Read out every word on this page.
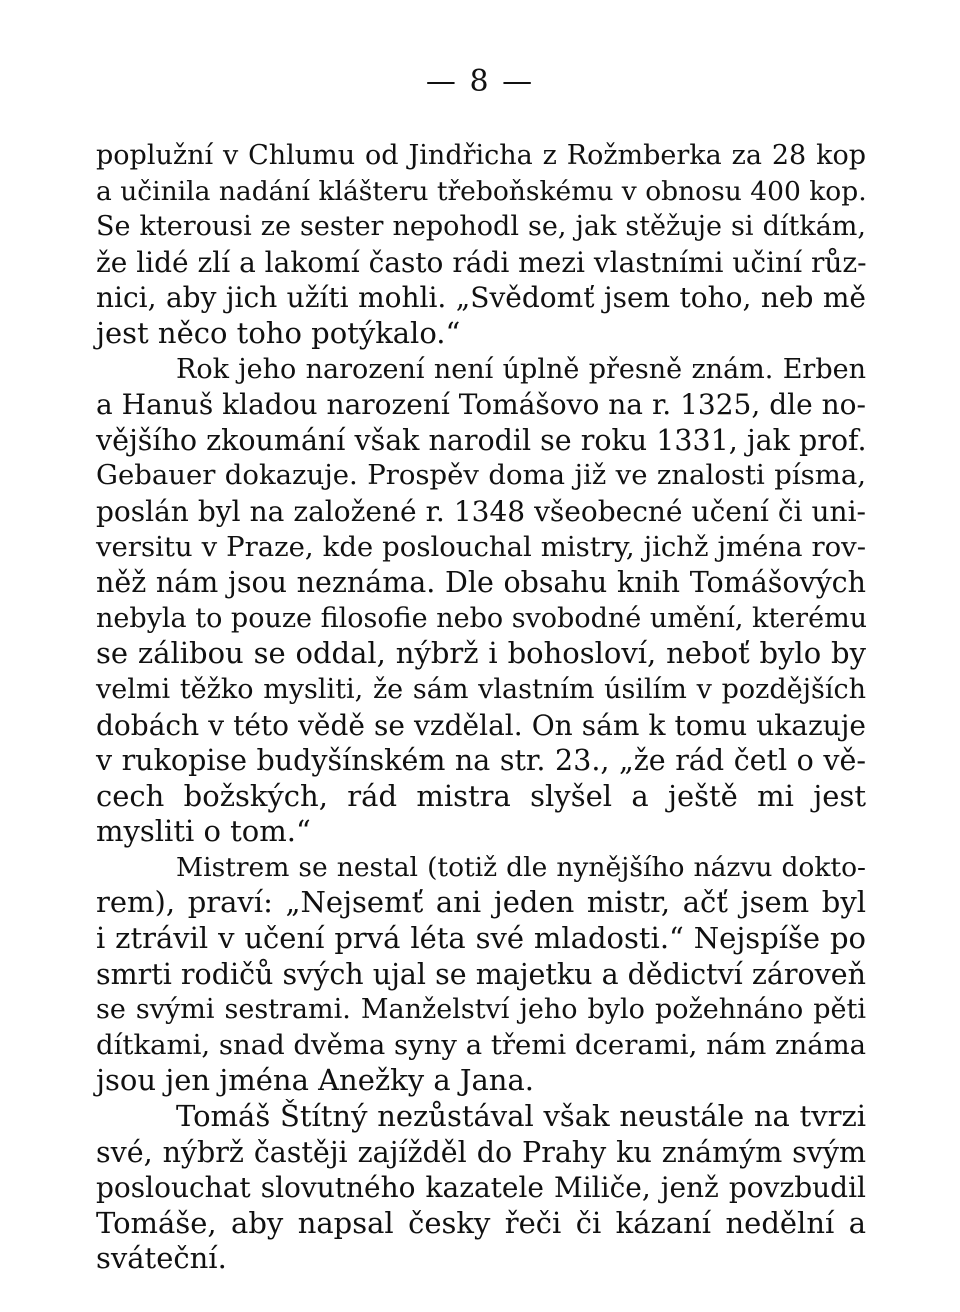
— 8 —
poplužní v Chlumu od Jindřicha z Rožmberka za 28 kop
a učinila nadání klášteru třeboňskému v obnosu 400 kop.
Se kterousi ze sester nepohodl se, jak stěžuje si dítkám,
že lidé zlí a lakomí často rádi mezi vlastními učiní růz-
nici, aby jich užíti mohli. „Svědomť jsem toho, neb mě
jest něco toho potýkalo.“
Rok jeho narození není úplně přesně znám. Erben
a Hanuš kladou narození Tomášovo na r. 1325, dle no-
vějšího zkoumání však narodil se roku 1331, jak prof.
Gebauer dokazuje. Prospěv doma již ve znalosti písma,
poslán byl na založené r. 1348 všeobecné učení či uni-
versitu v Praze, kde poslouchal mistry, jichž jména rov-
něž nám jsou neznáma. Dle obsahu knih Tomášových
nebyla to pouze filosofie nebo svobodné umění, kterému
se zálibou se oddal, nýbrž i bohosloví, neboť bylo by
velmi těžko mysliti, že sám vlastním úsilím v pozdějších
dobách v této vědě se vzdělal. On sám k tomu ukazuje
v rukopise budyšínském na str. 23., „že rád četl o vě-
cech božských, rád mistra slyšel a ještě mi jest
mysliti o tom.“
Mistrem se nestal (totiž dle nynějšího názvu dokto-
rem), praví: „Nejsemť ani jeden mistr, ačť jsem byl
i ztrávil v učení prvá léta své mladosti.“ Nejspíše po
smrti rodičů svých ujal se majetku a dědictví zároveň
se svými sestrami. Manželství jeho bylo požehnáno pěti
dítkami, snad dvěma syny a třemi dcerami, nám známa
jsou jen jména Anežky a Jana.
Tomáš Štítný nezůstával však neustále na tvrzi
své, nýbrž častěji zajížděl do Prahy ku známým svým
poslouchat slovutného kazatele Miliče, jenž povzbudil
Tomáše, aby napsal česky řeči či kázaní nedělní a
sváteční.
